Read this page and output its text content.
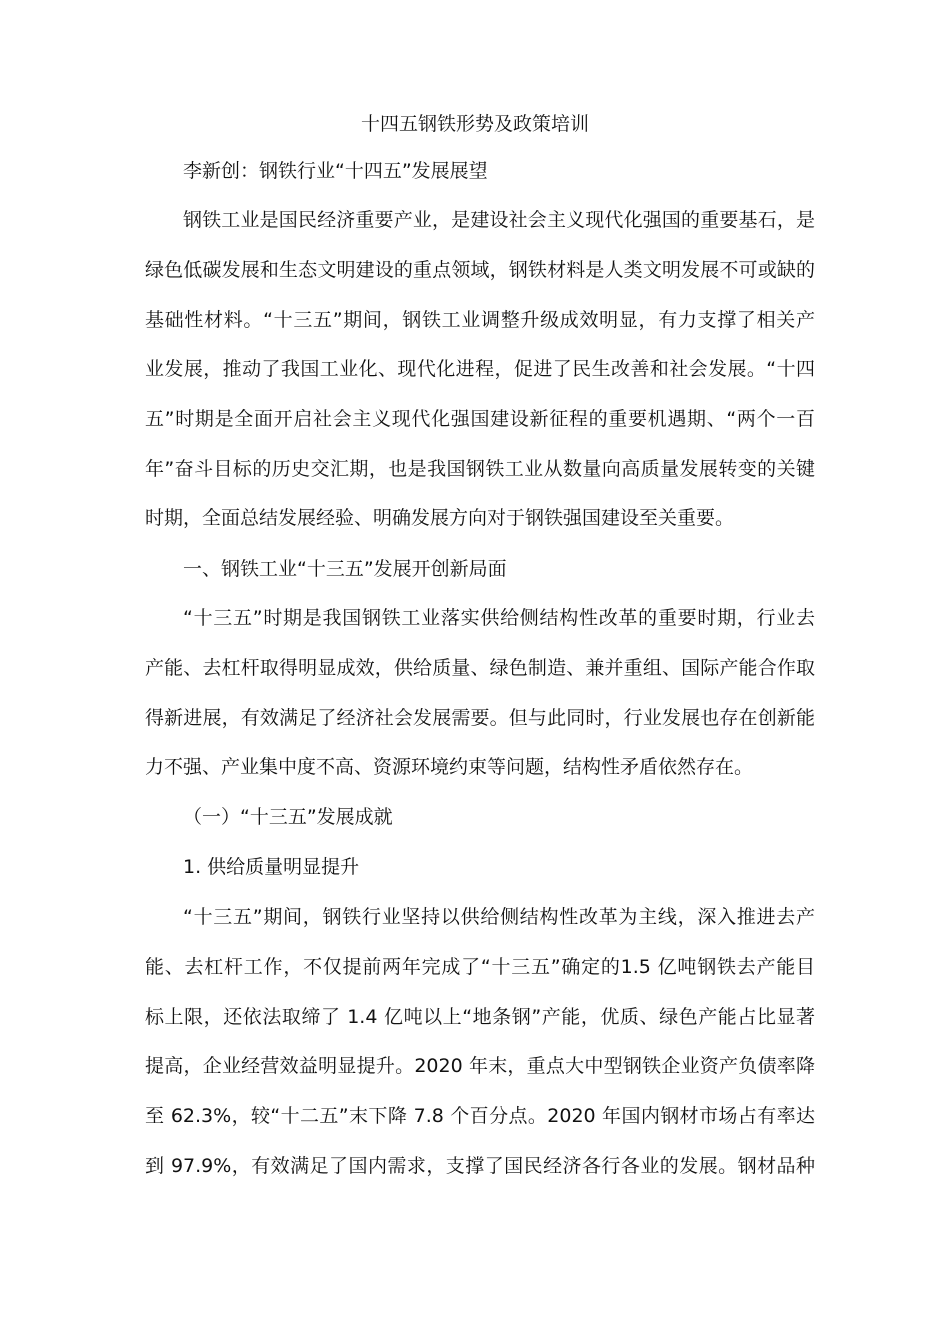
十四五钢铁形势及政策培训
李新创：钢铁行业“十四五”发展展望
钢铁工业是国民经济重要产业，是建设社会主义现代化强国的重要基石，是
绿色低碳发展和生态文明建设的重点领域，钢铁材料是人类文明发展不可或缺的
基础性材料。“十三五”期间，钢铁工业调整升级成效明显，有力支撑了相关产
业发展，推动了我国工业化、现代化进程，促进了民生改善和社会发展。“十四
五”时期是全面开启社会主义现代化强国建设新征程的重要机遇期、“两个一百
年”奋斗目标的历史交汇期，也是我国钢铁工业从数量向高质量发展转变的关键
时期，全面总结发展经验、明确发展方向对于钢铁强国建设至关重要。
一、钢铁工业“十三五”发展开创新局面
“十三五”时期是我国钢铁工业落实供给侧结构性改革的重要时期，行业去
产能、去杠杆取得明显成效，供给质量、绿色制造、兼并重组、国际产能合作取
得新进展，有效满足了经济社会发展需要。但与此同时，行业发展也存在创新能
力不强、产业集中度不高、资源环境约束等问题，结构性矛盾依然存在。
（一）“十三五”发展成就
1. 供给质量明显提升
“十三五”期间，钢铁行业坚持以供给侧结构性改革为主线，深入推进去产
能、去杠杆工作，不仅提前两年完成了“十三五”确定的1.5 亿吨钢铁去产能目
标上限，还依法取缔了 1.4 亿吨以上“地条钢”产能，优质、绿色产能占比显著
提高，企业经营效益明显提升。2020 年末，重点大中型钢铁企业资产负债率降
至 62.3%，较“十二五”末下降 7.8 个百分点。2020 年国内钢材市场占有率达
到 97.9%，有效满足了国内需求，支撑了国民经济各行各业的发展。钢材品种
